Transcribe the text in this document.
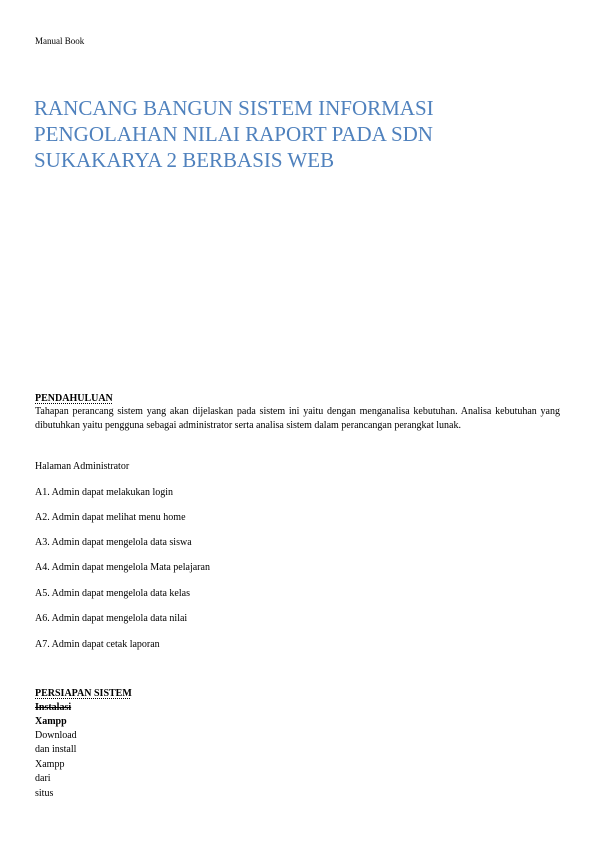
Manual Book
RANCANG BANGUN SISTEM INFORMASI
PENGOLAHAN NILAI RAPORT PADA SDN
SUKAKARYA 2 BERBASIS WEB
PENDAHULUAN

Tahapan perancang sistem yang akan dijelaskan pada sistem ini yaitu dengan menganalisa kebutuhan. Analisa kebutuhan yang dibutuhkan yaitu pengguna sebagai administrator serta analisa sistem dalam perancangan perangkat lunak.

Halaman Administrator

A1. Admin dapat melakukan login

A2. Admin dapat melihat menu home

A3. Admin dapat mengelola data siswa

A4. Admin dapat mengelola Mata pelajaran

A5. Admin dapat mengelola data kelas

A6. Admin dapat mengelola data nilai

A7. Admin dapat cetak laporan

PERSIAPAN SISTEM

Instalasi

Xampp

Download

dan install

Xampp

dari

situs
